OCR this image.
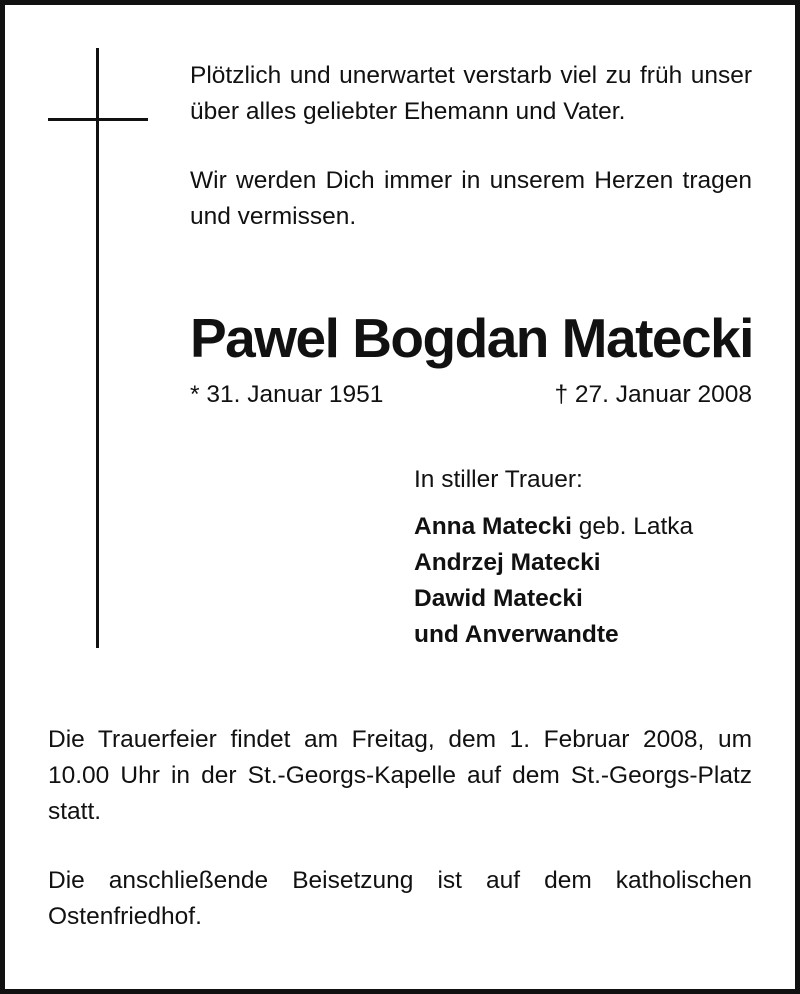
Plötzlich und unerwartet verstarb viel zu früh unser über alles geliebter Ehemann und Vater.

Wir werden Dich immer in unserem Herzen tragen und vermissen.

Pawel Bogdan Matecki
* 31. Januar 1951	† 27. Januar 2008

In stiller Trauer:

Anna Matecki geb. Latka

Andrzej Matecki

Dawid Matecki

und Anverwandte

Die Trauerfeier findet am Freitag, dem 1. Februar 2008, um 10.00 Uhr in der St.-Georgs-Kapelle auf dem St.-Georgs-Platz statt.

Die anschließende Beisetzung ist auf dem katholischen Ostenfriedhof.
